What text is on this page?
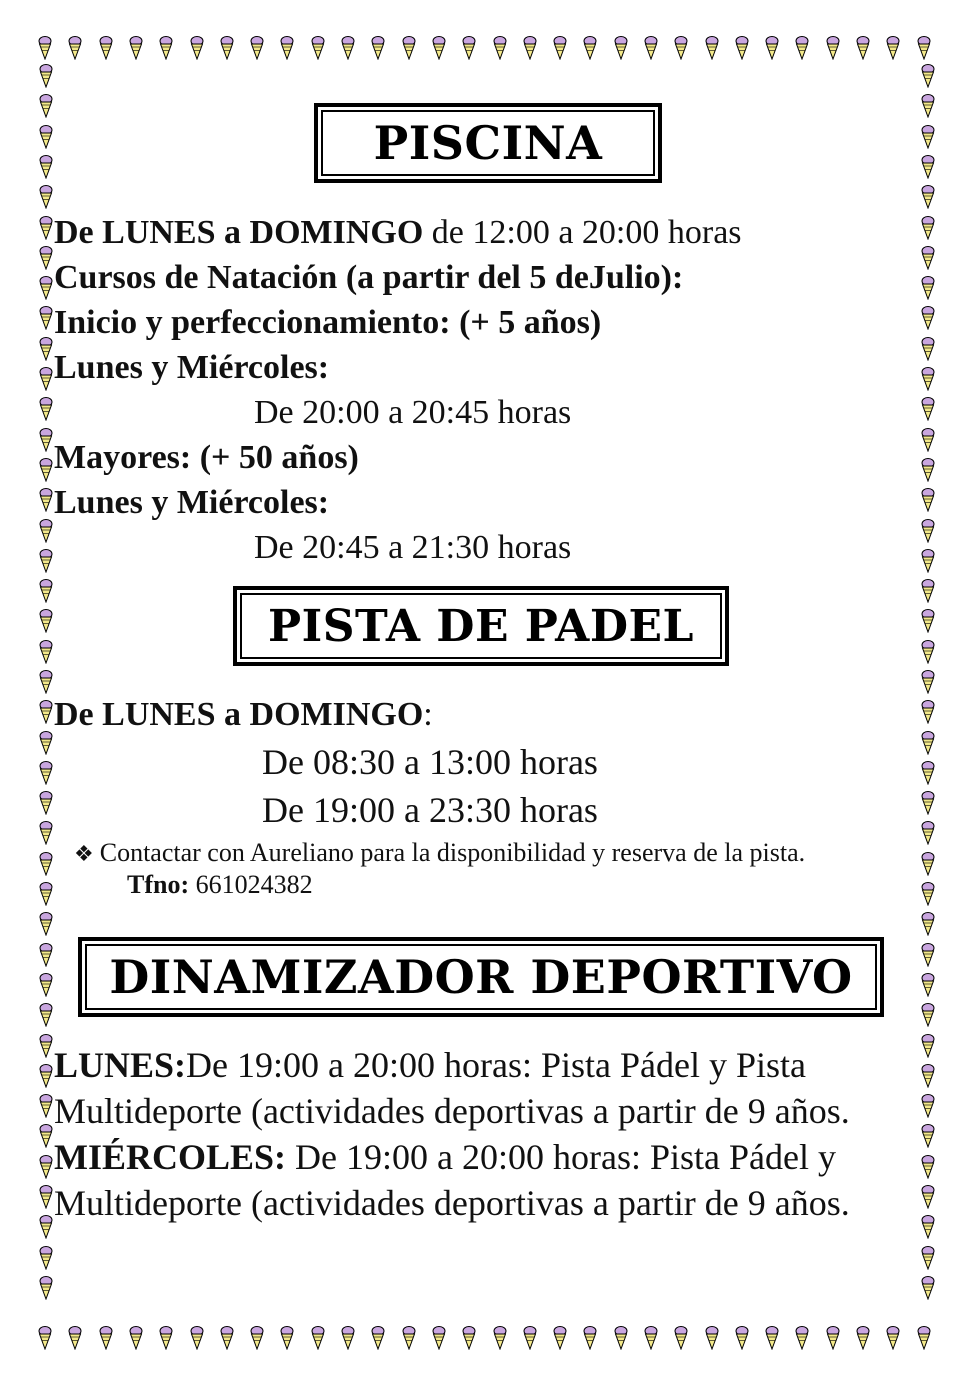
PISCINA
De LUNES a DOMINGO de 12:00 a 20:00 horas
Cursos de Natación (a partir del 5 deJulio):
Inicio y perfeccionamiento: (+ 5 años)
Lunes y Miércoles:
De 20:00 a 20:45 horas
Mayores: (+ 50 años)
Lunes y Miércoles:
De 20:45 a 21:30 horas
PISTA DE PADEL
De LUNES a DOMINGO:
De 08:30 a 13:00 horas
De 19:00 a 23:30 horas
❖ Contactar con Aureliano para la disponibilidad y reserva de la pista.
Tfno: 661024382
DINAMIZADOR DEPORTIVO
LUNES:De 19:00 a 20:00 horas: Pista Pádel y Pista
Multideporte (actividades deportivas a partir de 9 años.
MIÉRCOLES: De 19:00 a 20:00 horas: Pista Pádel y
Multideporte (actividades deportivas a partir de 9 años.
